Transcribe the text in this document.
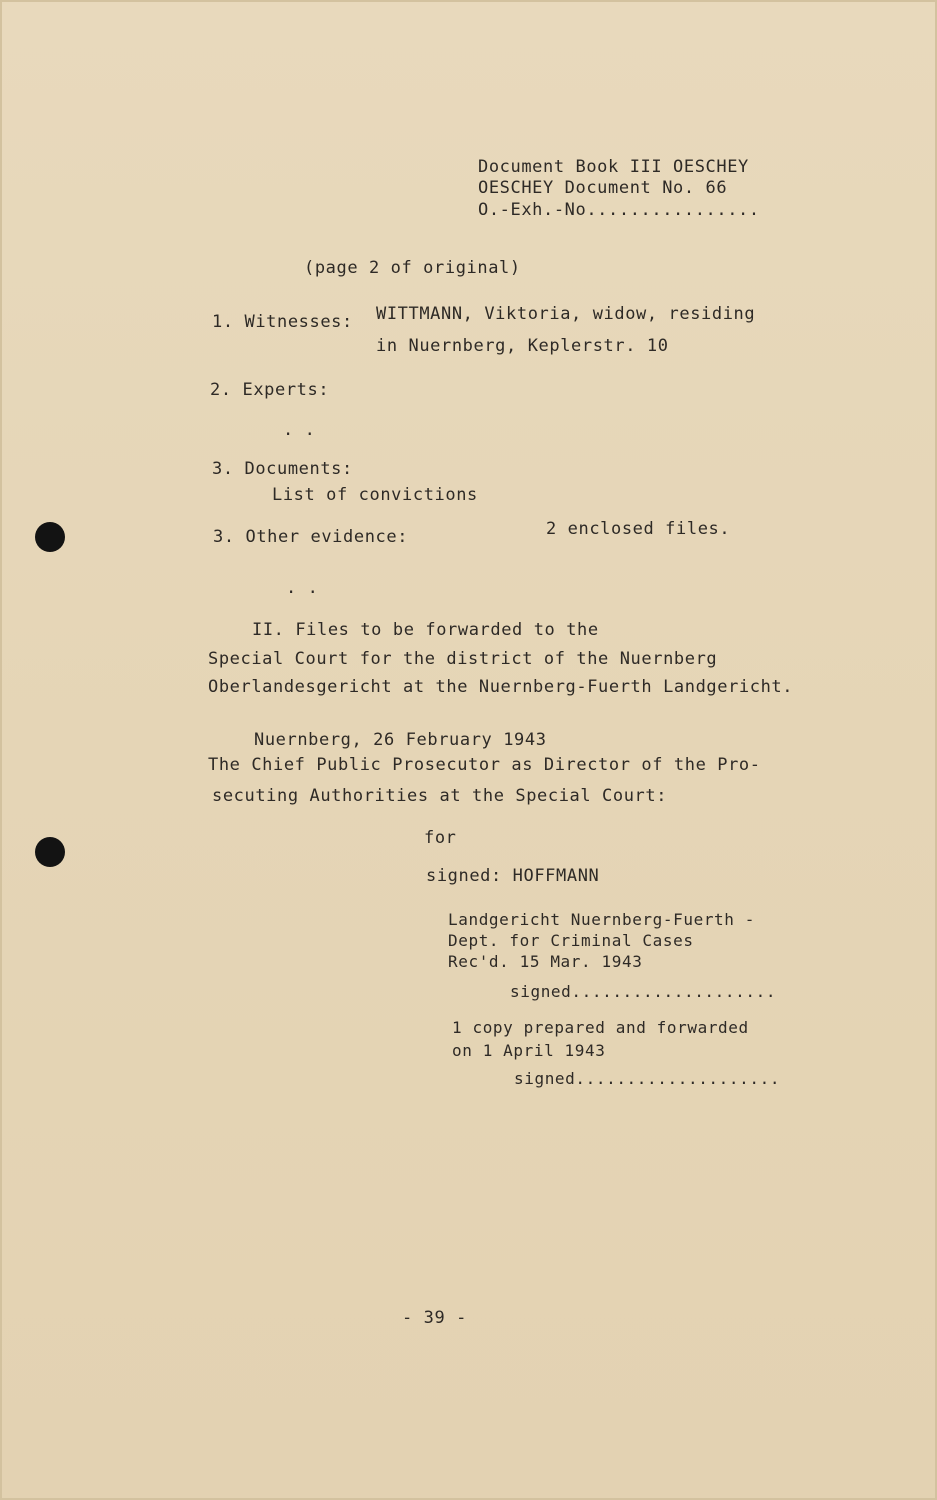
Document Book III OESCHEY
OESCHEY Document No. 66
O.-Exh.-No................
(page 2 of original)
1. Witnesses: WITTMANN, Viktoria, widow, residing
in Nuernberg, Keplerstr. 10
2. Experts:
. .
3. Documents:
List of convictions
3. Other evidence:	2 enclosed files.
. .
II. Files to be forwarded to the
Special Court for the district of the Nuernberg
Oberlandesgericht at the Nuernberg-Fuerth Landgericht.
Nuernberg, 26 February 1943
The Chief Public Prosecutor as Director of the Pro-
secuting Authorities at the Special Court:
for
signed: HOFFMANN
Landgericht Nuernberg-Fuerth -
Dept. for Criminal Cases
Rec'd. 15 Mar. 1943
signed....................
1 copy prepared and forwarded
on 1 April 1943
signed....................
- 39 -
